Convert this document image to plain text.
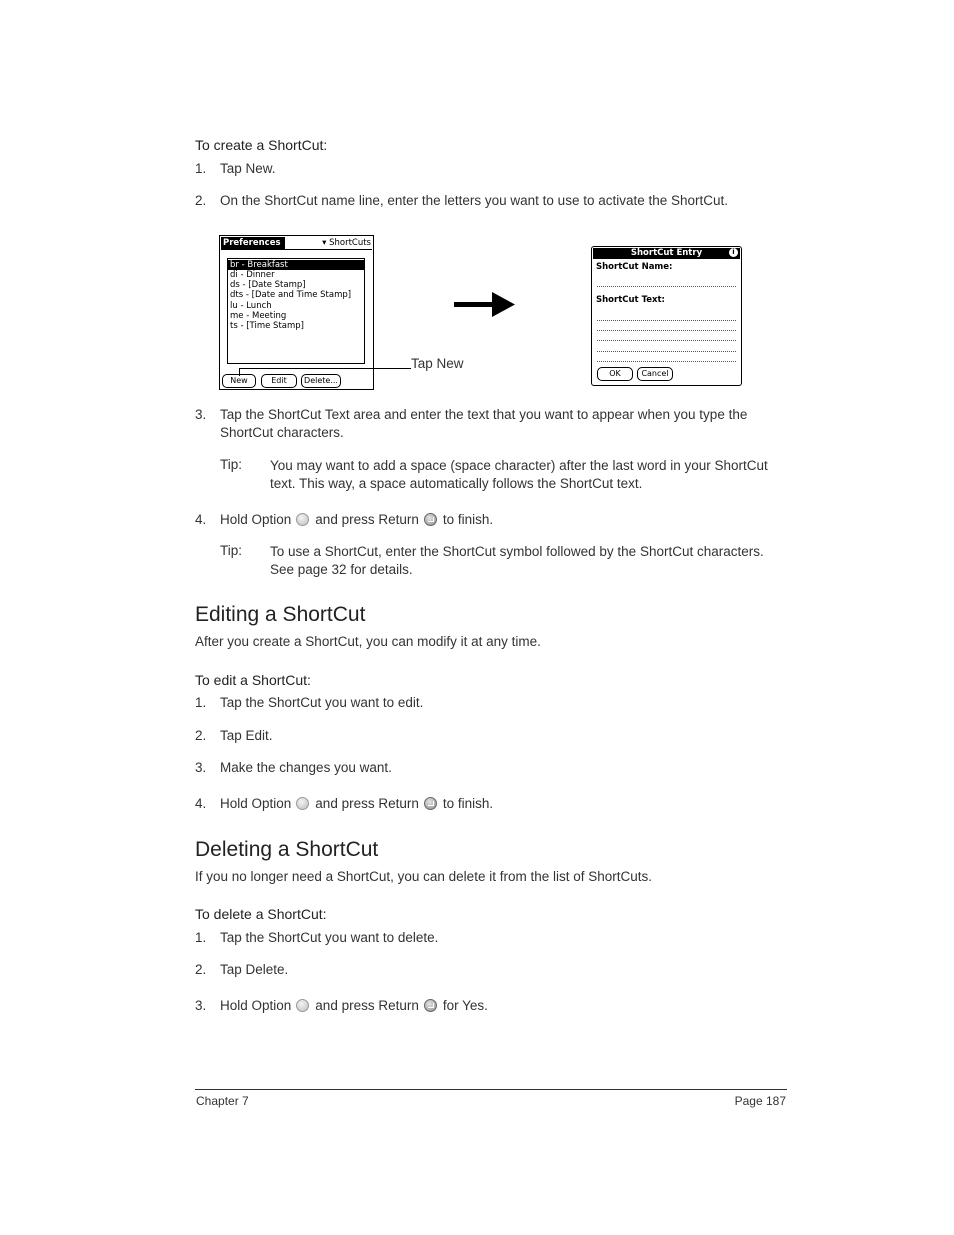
To create a ShortCut:
1.	Tap New.
2.	On the ShortCut name line, enter the letters you want to use to activate the ShortCut.
Preferences	▾ ShortCuts
br - Breakfast
di - Dinner
ds - [Date Stamp]
dts - [Date and Time Stamp]
lu - Lunch
me - Meeting
ts - [Time Stamp]
New	Edit	Delete...
Tap New
ShortCut Entry	i
ShortCut Name:
ShortCut Text:
OK	Cancel
3.	Tap the ShortCut Text area and enter the text that you want to appear when you type the ShortCut characters.
Tip: You may want to add a space (space character) after the last word in your ShortCut text. This way, a space automatically follows the ShortCut text.
4.	Hold Option and press Return to finish.
Tip: To use a ShortCut, enter the ShortCut symbol followed by the ShortCut characters. See page 32 for details.
Editing a ShortCut
After you create a ShortCut, you can modify it at any time.
To edit a ShortCut:
1.	Tap the ShortCut you want to edit.
2.	Tap Edit.
3.	Make the changes you want.
4.	Hold Option and press Return to finish.
Deleting a ShortCut
If you no longer need a ShortCut, you can delete it from the list of ShortCuts.
To delete a ShortCut:
1.	Tap the ShortCut you want to delete.
2.	Tap Delete.
3.	Hold Option and press Return for Yes.
Chapter 7	Page 187
